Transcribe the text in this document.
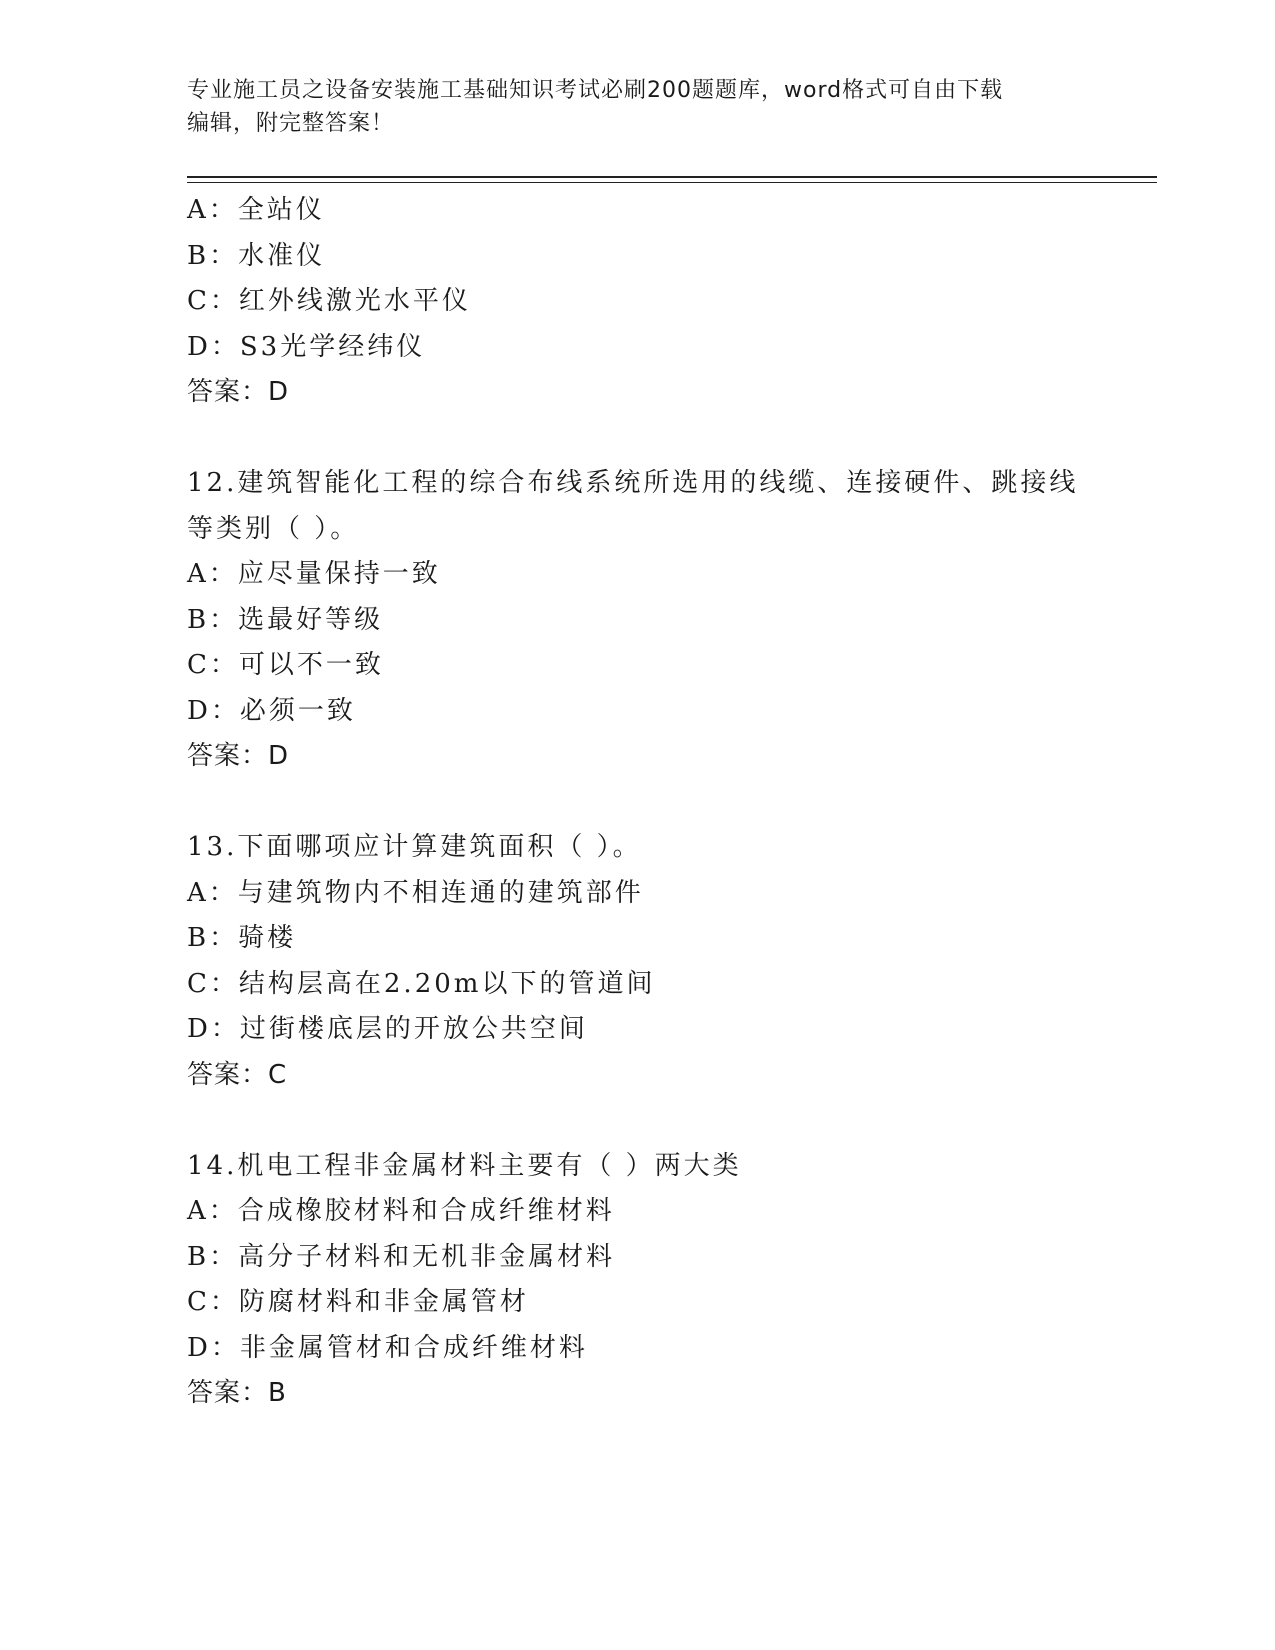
专业施工员之设备安装施工基础知识考试必刷200题题库，word格式可自由下载
编辑，附完整答案！
A：全站仪
B：水准仪
C：红外线激光水平仪
D：S3光学经纬仪
答案：D
12.建筑智能化工程的综合布线系统所选用的线缆、连接硬件、跳接线
等类别（ ）。
A：应尽量保持一致
B：选最好等级
C：可以不一致
D：必须一致
答案：D
13.下面哪项应计算建筑面积（ ）。
A：与建筑物内不相连通的建筑部件
B：骑楼
C：结构层高在2.20m以下的管道间
D：过街楼底层的开放公共空间
答案：C
14.机电工程非金属材料主要有（ ）两大类
A：合成橡胶材料和合成纤维材料
B：高分子材料和无机非金属材料
C：防腐材料和非金属管材
D：非金属管材和合成纤维材料
答案：B
